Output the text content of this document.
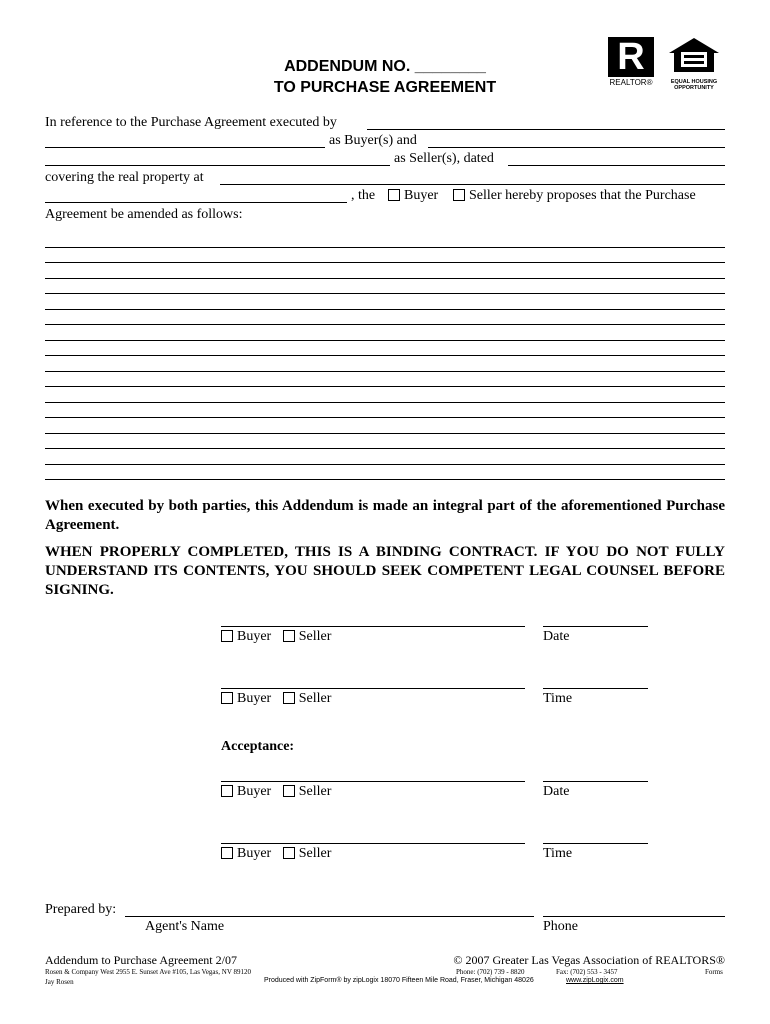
ADDENDUM NO. ________
TO PURCHASE AGREEMENT
R
REALTOR®	EQUAL HOUSING
OPPORTUNITY
In reference to the Purchase Agreement executed by
as Buyer(s) and
as Seller(s), dated
covering the real property at
, the	Buyer	Seller hereby proposes that the Purchase
Agreement be amended as follows:
When executed by both parties, this Addendum is made an integral part of the aforementioned Purchase Agreement.
WHEN PROPERLY COMPLETED, THIS IS A BINDING CONTRACT. IF YOU DO NOT FULLY UNDERSTAND ITS CONTENTS, YOU SHOULD SEEK COMPETENT LEGAL COUNSEL BEFORE SIGNING.
Buyer Seller	Date
Buyer Seller	Time
Acceptance:
Buyer Seller	Date
Buyer Seller	Time
Prepared by:
Agent's Name	Phone
Addendum to Purchase Agreement 2/07	© 2007 Greater Las Vegas Association of REALTORS®
Rosen & Company West 2955 E. Sunset Ave #105, Las Vegas, NV 89120	Phone: (702) 739 - 8820	Fax: (702) 553 - 3457	Forms
Jay Rosen	Produced with ZipForm® by zipLogix 18070 Fifteen Mile Road, Fraser, Michigan 48026	www.zipLogix.com
